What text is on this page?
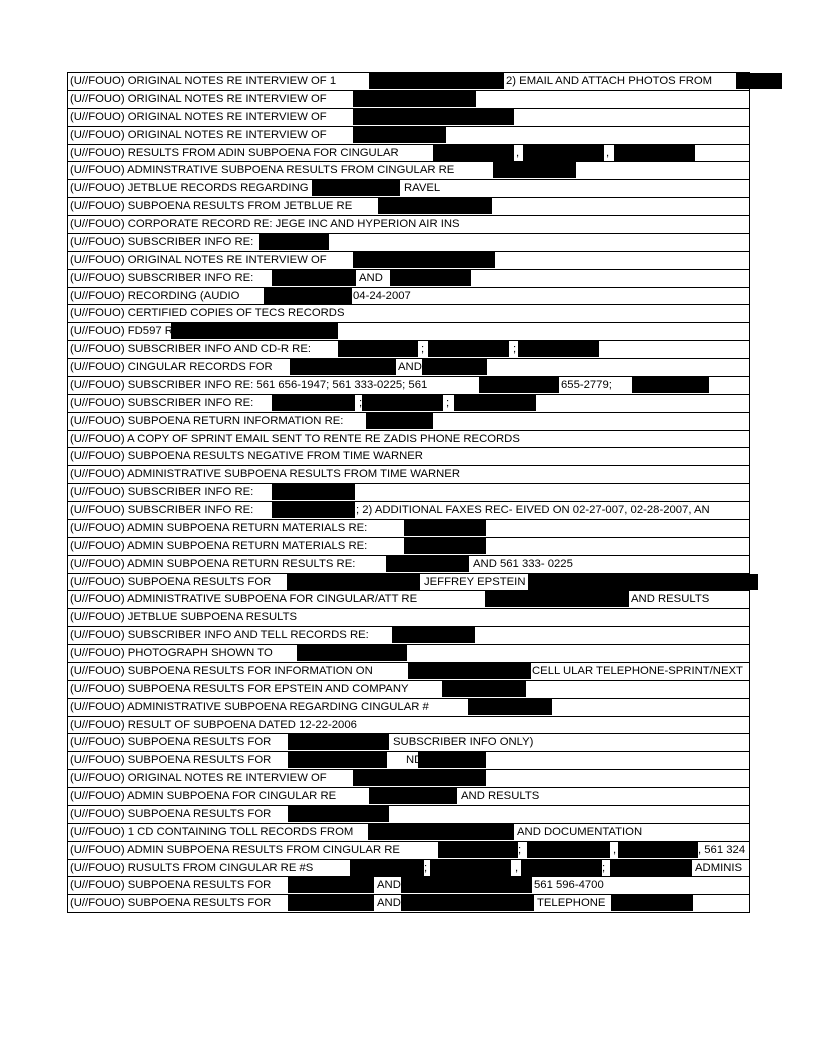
(U//FOUO) ORIGINAL NOTES RE INTERVIEW OF 1	2) EMAIL AND ATTACH PHOTOS FROM
(U//FOUO) ORIGINAL NOTES RE INTERVIEW OF
(U//FOUO) ORIGINAL NOTES RE INTERVIEW OF
(U//FOUO) ORIGINAL NOTES RE INTERVIEW OF
(U//FOUO) RESULTS FROM ADIN SUBPOENA FOR CINGULAR	,	,
(U//FOUO) ADMINSTRATIVE SUBPOENA RESULTS FROM CINGULAR RE
(U//FOUO) JETBLUE RECORDS REGARDING	RAVEL
(U//FOUO) SUBPOENA RESULTS FROM JETBLUE RE
(U//FOUO) CORPORATE RECORD RE: JEGE INC AND HYPERION AIR INS
(U//FOUO) SUBSCRIBER INFO RE:
(U//FOUO) ORIGINAL NOTES RE INTERVIEW OF
(U//FOUO) SUBSCRIBER INFO RE:	AND
(U//FOUO) RECORDING (AUDIO	04-24-2007
(U//FOUO) CERTIFIED COPIES OF TECS RECORDS
(U//FOUO) FD597 RE
(U//FOUO) SUBSCRIBER INFO AND CD-R RE:	;	;
(U//FOUO) CINGULAR RECORDS FOR	AND
(U//FOUO) SUBSCRIBER INFO RE: 561 656-1947; 561 333-0225; 561	655-2779;
(U//FOUO) SUBSCRIBER INFO RE:	;	;
(U//FOUO) SUBPOENA RETURN INFORMATION RE:
(U//FOUO) A COPY OF SPRINT EMAIL SENT TO RENTE RE ZADIS PHONE RECORDS
(U//FOUO) SUBPOENA RESULTS NEGATIVE FROM TIME WARNER
(U//FOUO) ADMINISTRATIVE SUBPOENA RESULTS FROM TIME WARNER
(U//FOUO) SUBSCRIBER INFO RE:
(U//FOUO) SUBSCRIBER INFO RE:	; 2) ADDITIONAL FAXES REC- EIVED ON 02-27-007, 02-28-2007, AN
(U//FOUO) ADMIN SUBPOENA RETURN MATERIALS RE:
(U//FOUO) ADMIN SUBPOENA RETURN MATERIALS RE:
(U//FOUO) ADMIN SUBPOENA RETURN RESULTS RE:	AND 561 333- 0225
(U//FOUO) SUBPOENA RESULTS FOR	JEFFREY EPSTEIN
(U//FOUO) ADMINISTRATIVE SUBPOENA FOR CINGULAR/ATT RE	AND RESULTS
(U//FOUO) JETBLUE SUBPOENA RESULTS
(U//FOUO) SUBSCRIBER INFO AND TELL RECORDS RE:
(U//FOUO) PHOTOGRAPH SHOWN TO
(U//FOUO) SUBPOENA RESULTS FOR INFORMATION ON	CELL ULAR TELEPHONE-SPRINT/NEXT
(U//FOUO) SUBPOENA RESULTS FOR EPSTEIN AND COMPANY
(U//FOUO) ADMINISTRATIVE SUBPOENA REGARDING CINGULAR #
(U//FOUO) RESULT OF SUBPOENA DATED 12-22-2006
(U//FOUO) SUBPOENA RESULTS FOR	SUBSCRIBER INFO ONLY)
(U//FOUO) SUBPOENA RESULTS FOR	ND
(U//FOUO) ORIGINAL NOTES RE INTERVIEW OF
(U//FOUO) ADMIN SUBPOENA FOR CINGULAR RE	AND RESULTS
(U//FOUO) SUBPOENA RESULTS FOR
(U//FOUO) 1 CD CONTAINING TOLL RECORDS FROM	AND DOCUMENTATION
(U//FOUO) ADMIN SUBPOENA RESULTS FROM CINGULAR RE	;	,	, 561 324
(U//FOUO) RUSULTS FROM CINGULAR RE #S	;	,	;	ADMINIS
(U//FOUO) SUBPOENA RESULTS FOR	AND	561 596-4700
(U//FOUO) SUBPOENA RESULTS FOR	AND	TELEPHONE
